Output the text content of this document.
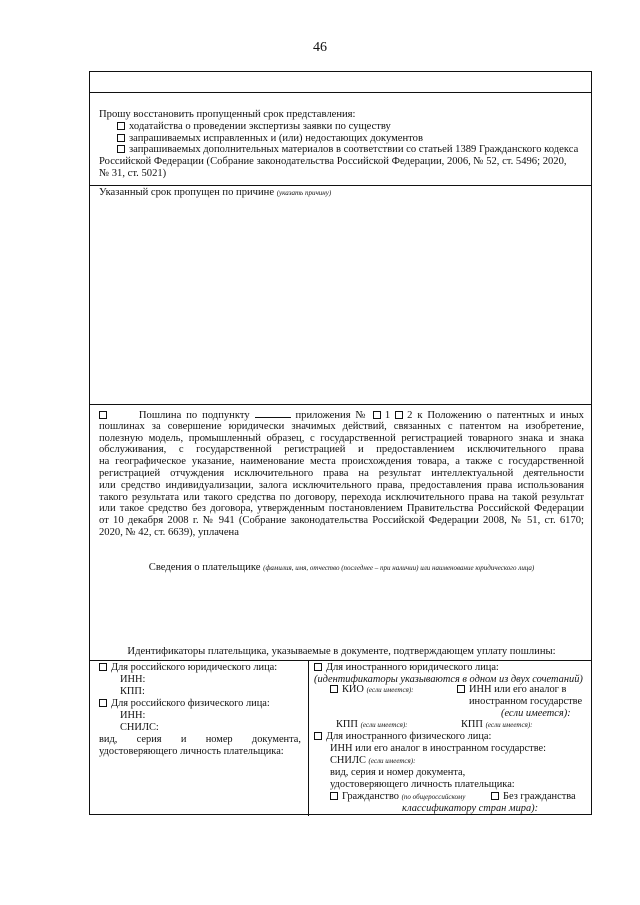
46
Прошу восстановить пропущенный срок представления:
ходатайства о проведении экспертизы заявки по существу
запрашиваемых исправленных и (или) недостающих документов
запрашиваемых дополнительных материалов в соответствии со статьей 1389 Гражданского кодекса
Российской Федерации (Собрание законодательства Российской Федерации, 2006, № 52, ст. 5496; 2020,
№ 31, ст. 5021)
Указанный срок пропущен по причине (указать причину)
Пошлина по подпункту	приложения № 1 2 к Положению о патентных и иных
пошлинах за совершение юридически значимых действий, связанных с патентом на изобретение,
полезную модель, промышленный образец, с государственной регистрацией товарного знака и знака
обслуживания, с государственной регистрацией и предоставлением исключительного права
на географическое указание, наименование места происхождения товара, а также с государственной
регистрацией отчуждения исключительного права на результат интеллектуальной деятельности
или средство индивидуализации, залога исключительного права, предоставления права использования
такого результата или такого средства по договору, перехода исключительного права на такой результат
или такое средство без договора, утвержденным постановлением Правительства Российской Федерации
от 10 декабря 2008 г. № 941 (Собрание законодательства Российской Федерации 2008, № 51, ст. 6170;
2020, № 42, ст. 6639), уплачена
Сведения о плательщике (фамилия, имя, отчество (последнее – при наличии) или наименование юридического лица)
Идентификаторы плательщика, указываемые в документе, подтверждающем уплату пошлины:
Для российского юридического лица:
ИНН:
КПП:
Для российского физического лица:
ИНН:
СНИЛС:
вид, серия и номер документа,
удостоверяющего личность плательщика:
Для иностранного юридического лица:
(идентификаторы указываются в одном из двух сочетаний)
КИО (если имеется):	ИНН или его аналог в
иностранном государстве
(если имеется):
КПП (если имеется):	КПП (если имеется):
Для иностранного физического лица:
ИНН или его аналог в иностранном государстве:
СНИЛС (если имеется):
вид, серия и номер документа,
удостоверяющего личность плательщика:
Гражданство (по общероссийскому	Без гражданства
классификатору стран мира):
